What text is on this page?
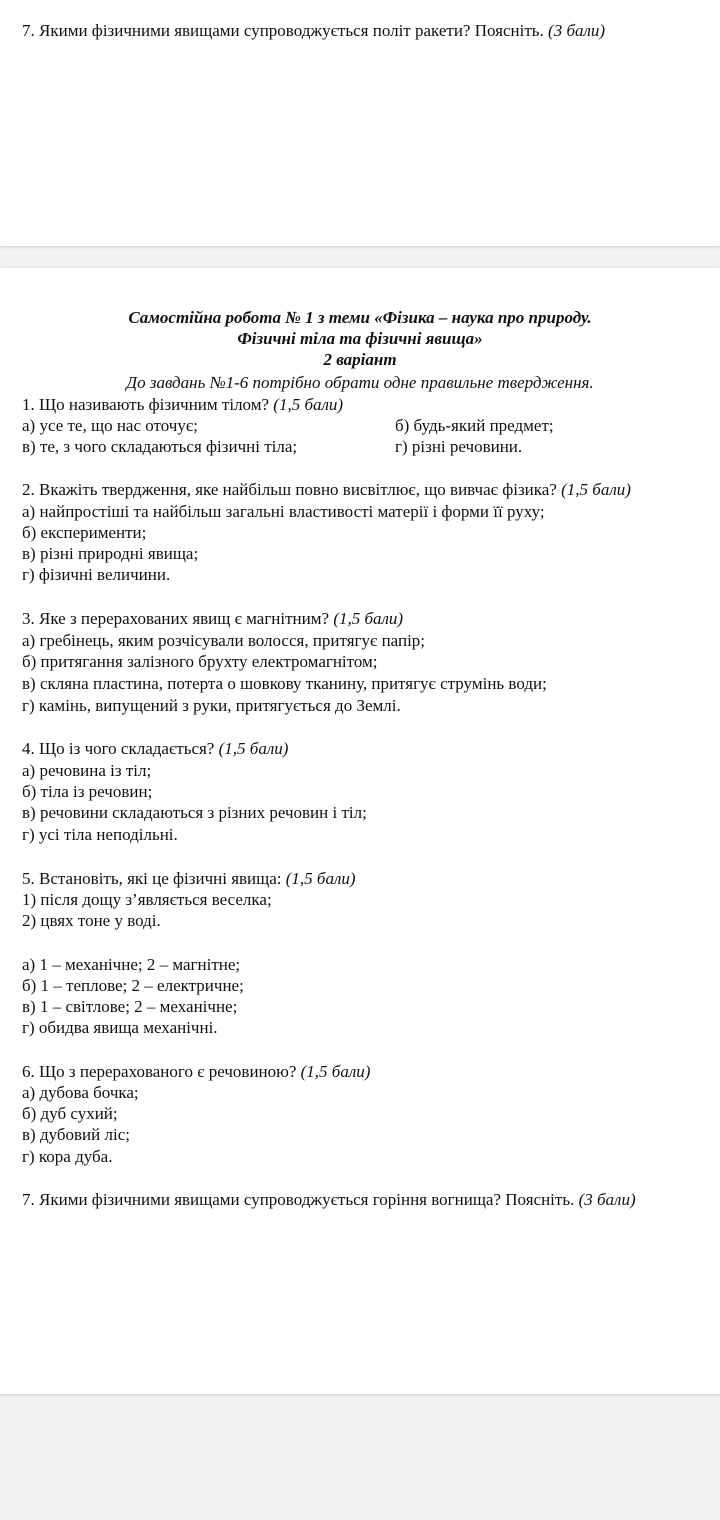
7. Якими фізичними явищами супроводжується політ ракети? Поясніть. (3 бали)
Самостійна робота № 1 з теми «Фізика – наука про природу.
Фізичні тіла та фізичні явища»
2 варіант
До завдань №1-6 потрібно обрати одне правильне твердження.
1. Що називають фізичним тілом? (1,5 бали)
а) усе те, що нас оточує;	б) будь-який предмет;
в) те, з чого складаються фізичні тіла;	г) різні речовини.
2. Вкажіть твердження, яке найбільш повно висвітлює, що вивчає фізика? (1,5 бали)
а) найпростіші та найбільш загальні властивості матерії і форми її руху;
б) експерименти;
в) різні природні явища;
г) фізичні величини.
3. Яке з перерахованих явищ є магнітним? (1,5 бали)
а) гребінець, яким розчісували волосся, притягує папір;
б) притягання залізного брухту електромагнітом;
в) скляна пластина, потерта о шовкову тканину, притягує струмінь води;
г) камінь, випущений з руки, притягується до Землі.
4. Що із чого складається? (1,5 бали)
а) речовина із тіл;
б) тіла із речовин;
в) речовини складаються з різних речовин і тіл;
г) усі тіла неподільні.
5. Встановіть, які це фізичні явища: (1,5 бали)
1) після дощу з’являється веселка;
2) цвях тоне у воді.
а) 1 – механічне; 2 – магнітне;
б) 1 – теплове; 2 – електричне;
в) 1 – світлове; 2 – механічне;
г) обидва явища механічні.
6. Що з перерахованого є речовиною? (1,5 бали)
а) дубова бочка;
б) дуб сухий;
в) дубовий ліс;
г) кора дуба.
7. Якими фізичними явищами супроводжується горіння вогнища? Поясніть. (3 бали)
